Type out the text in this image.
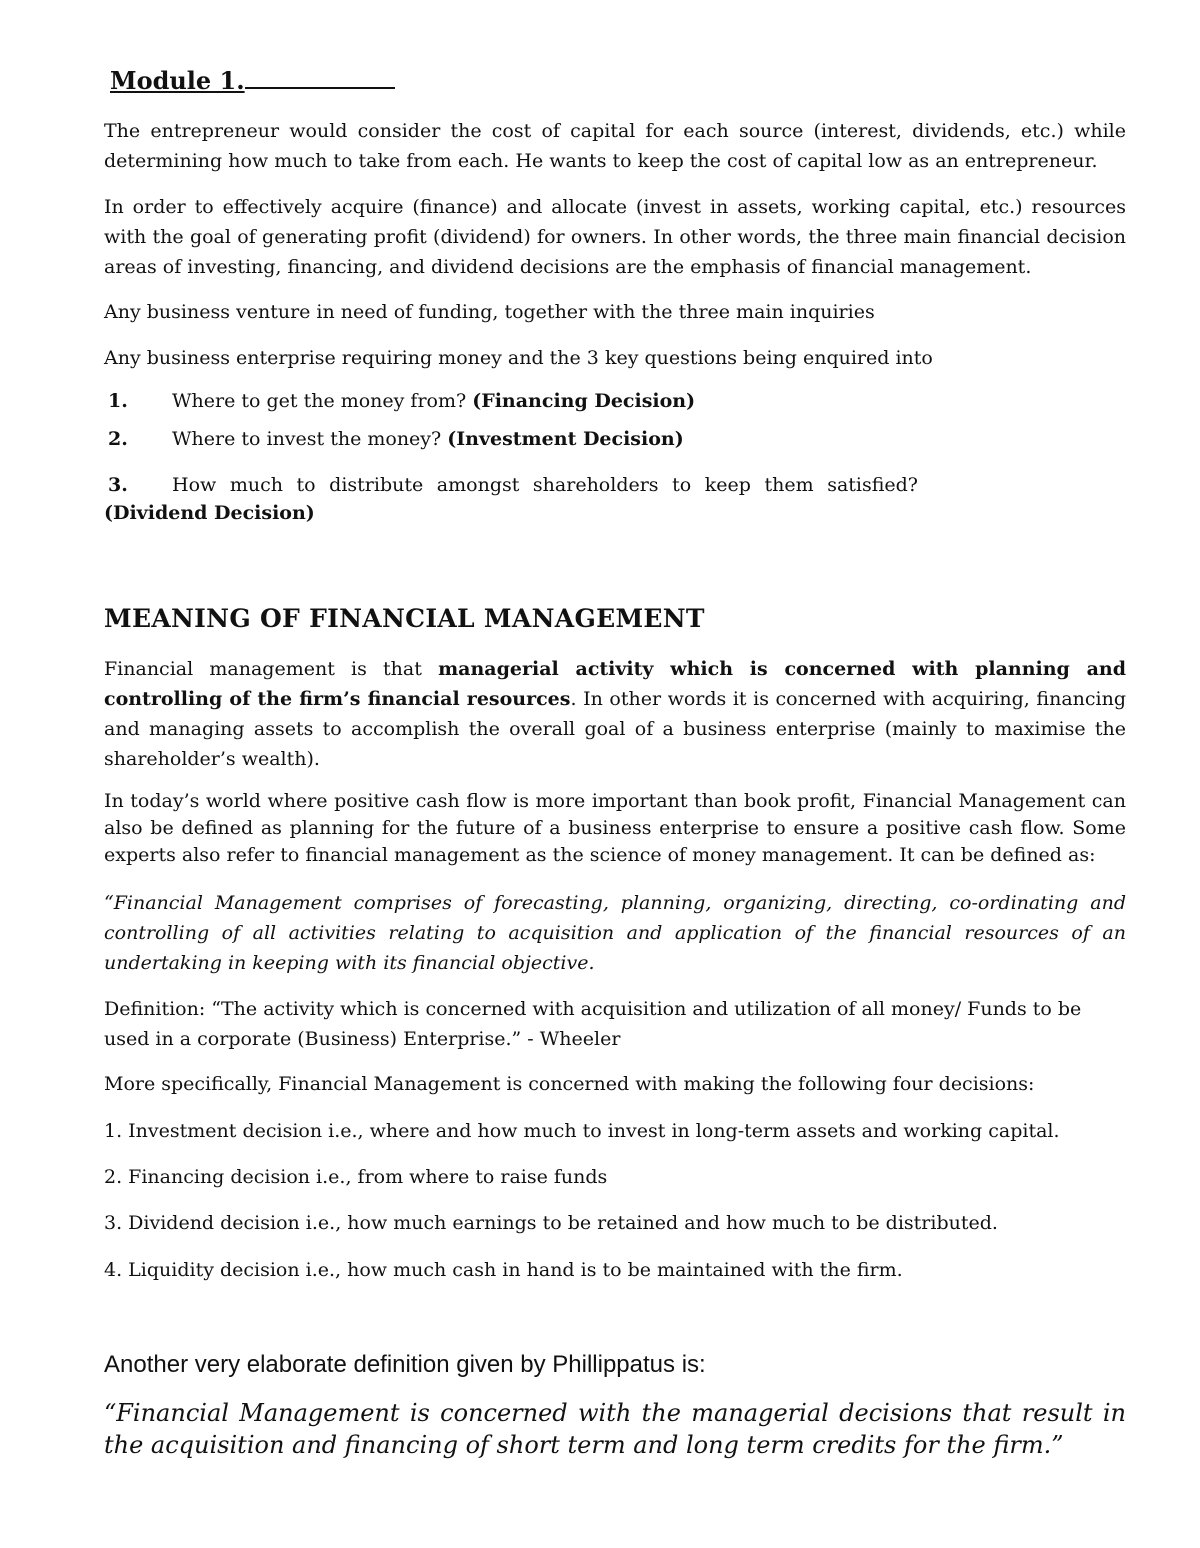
Module 1.
The entrepreneur would consider the cost of capital for each source (interest, dividends, etc.) while determining how much to take from each. He wants to keep the cost of capital low as an entrepreneur.
In order to effectively acquire (finance) and allocate (invest in assets, working capital, etc.) resources with the goal of generating profit (dividend) for owners. In other words, the three main financial decision areas of investing, financing, and dividend decisions are the emphasis of financial management.
Any business venture in need of funding, together with the three main inquiries
Any business enterprise requiring money and the 3 key questions being enquired into
1. Where to get the money from? (Financing Decision)
2. Where to invest the money? (Investment Decision)
3. How much to distribute amongst shareholders to keep them satisfied?
(Dividend Decision)
MEANING OF FINANCIAL MANAGEMENT
Financial management is that managerial activity which is concerned with planning and controlling of the firm’s financial resources. In other words it is concerned with acquiring, financing and managing assets to accomplish the overall goal of a business enterprise (mainly to maximise the shareholder’s wealth).
In today’s world where positive cash flow is more important than book profit, Financial Management can also be defined as planning for the future of a business enterprise to ensure a positive cash flow. Some experts also refer to financial management as the science of money management. It can be defined as:
“Financial Management comprises of forecasting, planning, organizing, directing, co-ordinating and controlling of all activities relating to acquisition and application of the financial resources of an undertaking in keeping with its financial objective.
Definition: “The activity which is concerned with acquisition and utilization of all money/ Funds to be used in a corporate (Business) Enterprise.” - Wheeler
More specifically, Financial Management is concerned with making the following four decisions:
1. Investment decision i.e., where and how much to invest in long-term assets and working capital.
2. Financing decision i.e., from where to raise funds
3. Dividend decision i.e., how much earnings to be retained and how much to be distributed.
4. Liquidity decision i.e., how much cash in hand is to be maintained with the firm.
Another very elaborate definition given by Phillippatus is:
“Financial Management is concerned with the managerial decisions that result in the acquisition and financing of short term and long term credits for the firm.”
